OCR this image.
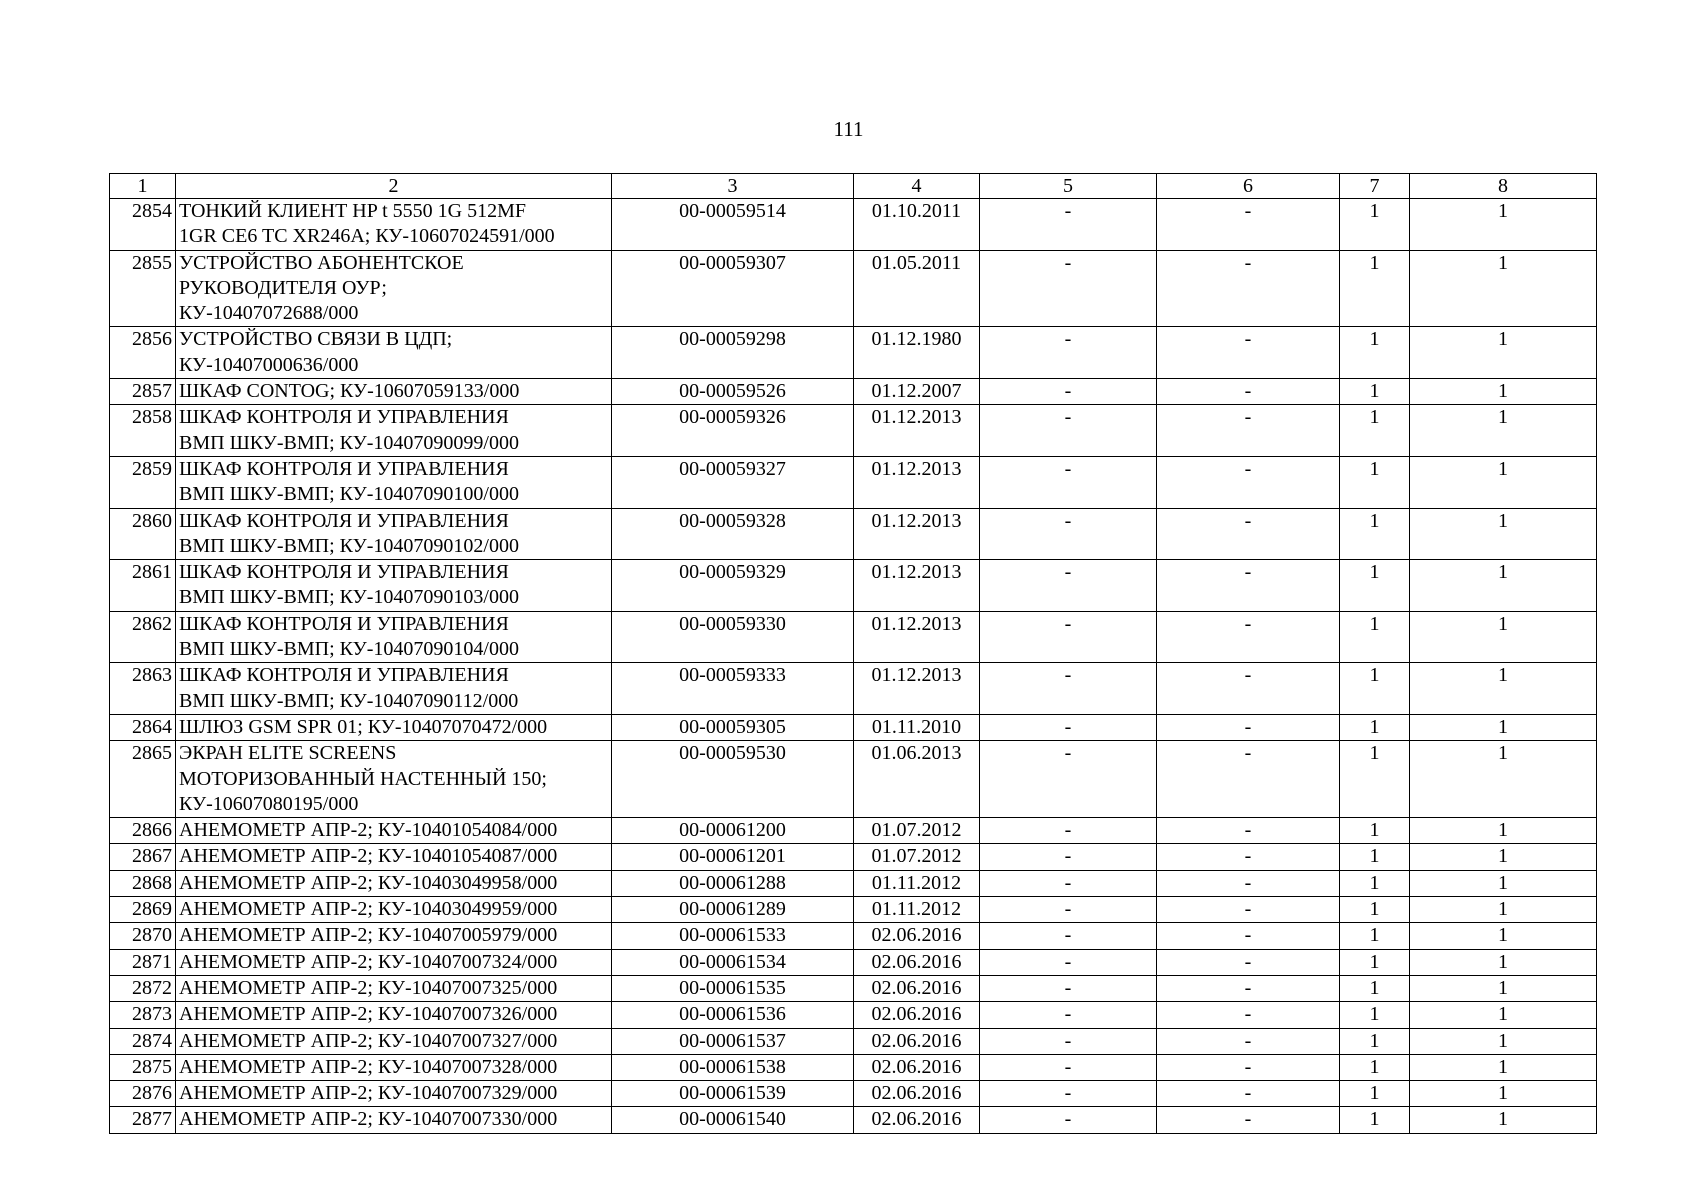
111
1	2	3	4	5	6	7	8
2854	ТОНКИЙ КЛИЕНТ HP t 5550 1G 512MF
1GR CE6 TC XR246A; КУ-10607024591/000	00-00059514	01.10.2011	-	-	1	1
2855	УСТРОЙСТВО АБОНЕНТСКОЕ
РУКОВОДИТЕЛЯ ОУР;
КУ-10407072688/000	00-00059307	01.05.2011	-	-	1	1
2856	УСТРОЙСТВО СВЯЗИ В ЦДП;
КУ-10407000636/000	00-00059298	01.12.1980	-	-	1	1
2857	ШКАФ CONTOG; КУ-10607059133/000	00-00059526	01.12.2007	-	-	1	1
2858	ШКАФ КОНТРОЛЯ И УПРАВЛЕНИЯ
ВМП ШКУ-ВМП; КУ-10407090099/000	00-00059326	01.12.2013	-	-	1	1
2859	ШКАФ КОНТРОЛЯ И УПРАВЛЕНИЯ
ВМП ШКУ-ВМП; КУ-10407090100/000	00-00059327	01.12.2013	-	-	1	1
2860	ШКАФ КОНТРОЛЯ И УПРАВЛЕНИЯ
ВМП ШКУ-ВМП; КУ-10407090102/000	00-00059328	01.12.2013	-	-	1	1
2861	ШКАФ КОНТРОЛЯ И УПРАВЛЕНИЯ
ВМП ШКУ-ВМП; КУ-10407090103/000	00-00059329	01.12.2013	-	-	1	1
2862	ШКАФ КОНТРОЛЯ И УПРАВЛЕНИЯ
ВМП ШКУ-ВМП; КУ-10407090104/000	00-00059330	01.12.2013	-	-	1	1
2863	ШКАФ КОНТРОЛЯ И УПРАВЛЕНИЯ
ВМП ШКУ-ВМП; КУ-10407090112/000	00-00059333	01.12.2013	-	-	1	1
2864	ШЛЮЗ GSM SPR 01; КУ-10407070472/000	00-00059305	01.11.2010	-	-	1	1
2865	ЭКРАН ELITE SCREENS
МОТОРИЗОВАННЫЙ НАСТЕННЫЙ 150;
КУ-10607080195/000	00-00059530	01.06.2013	-	-	1	1
2866	АНЕМОМЕТР АПР-2; КУ-10401054084/000	00-00061200	01.07.2012	-	-	1	1
2867	АНЕМОМЕТР АПР-2; КУ-10401054087/000	00-00061201	01.07.2012	-	-	1	1
2868	АНЕМОМЕТР АПР-2; КУ-10403049958/000	00-00061288	01.11.2012	-	-	1	1
2869	АНЕМОМЕТР АПР-2; КУ-10403049959/000	00-00061289	01.11.2012	-	-	1	1
2870	АНЕМОМЕТР АПР-2; КУ-10407005979/000	00-00061533	02.06.2016	-	-	1	1
2871	АНЕМОМЕТР АПР-2; КУ-10407007324/000	00-00061534	02.06.2016	-	-	1	1
2872	АНЕМОМЕТР АПР-2; КУ-10407007325/000	00-00061535	02.06.2016	-	-	1	1
2873	АНЕМОМЕТР АПР-2; КУ-10407007326/000	00-00061536	02.06.2016	-	-	1	1
2874	АНЕМОМЕТР АПР-2; КУ-10407007327/000	00-00061537	02.06.2016	-	-	1	1
2875	АНЕМОМЕТР АПР-2; КУ-10407007328/000	00-00061538	02.06.2016	-	-	1	1
2876	АНЕМОМЕТР АПР-2; КУ-10407007329/000	00-00061539	02.06.2016	-	-	1	1
2877	АНЕМОМЕТР АПР-2; КУ-10407007330/000	00-00061540	02.06.2016	-	-	1	1
